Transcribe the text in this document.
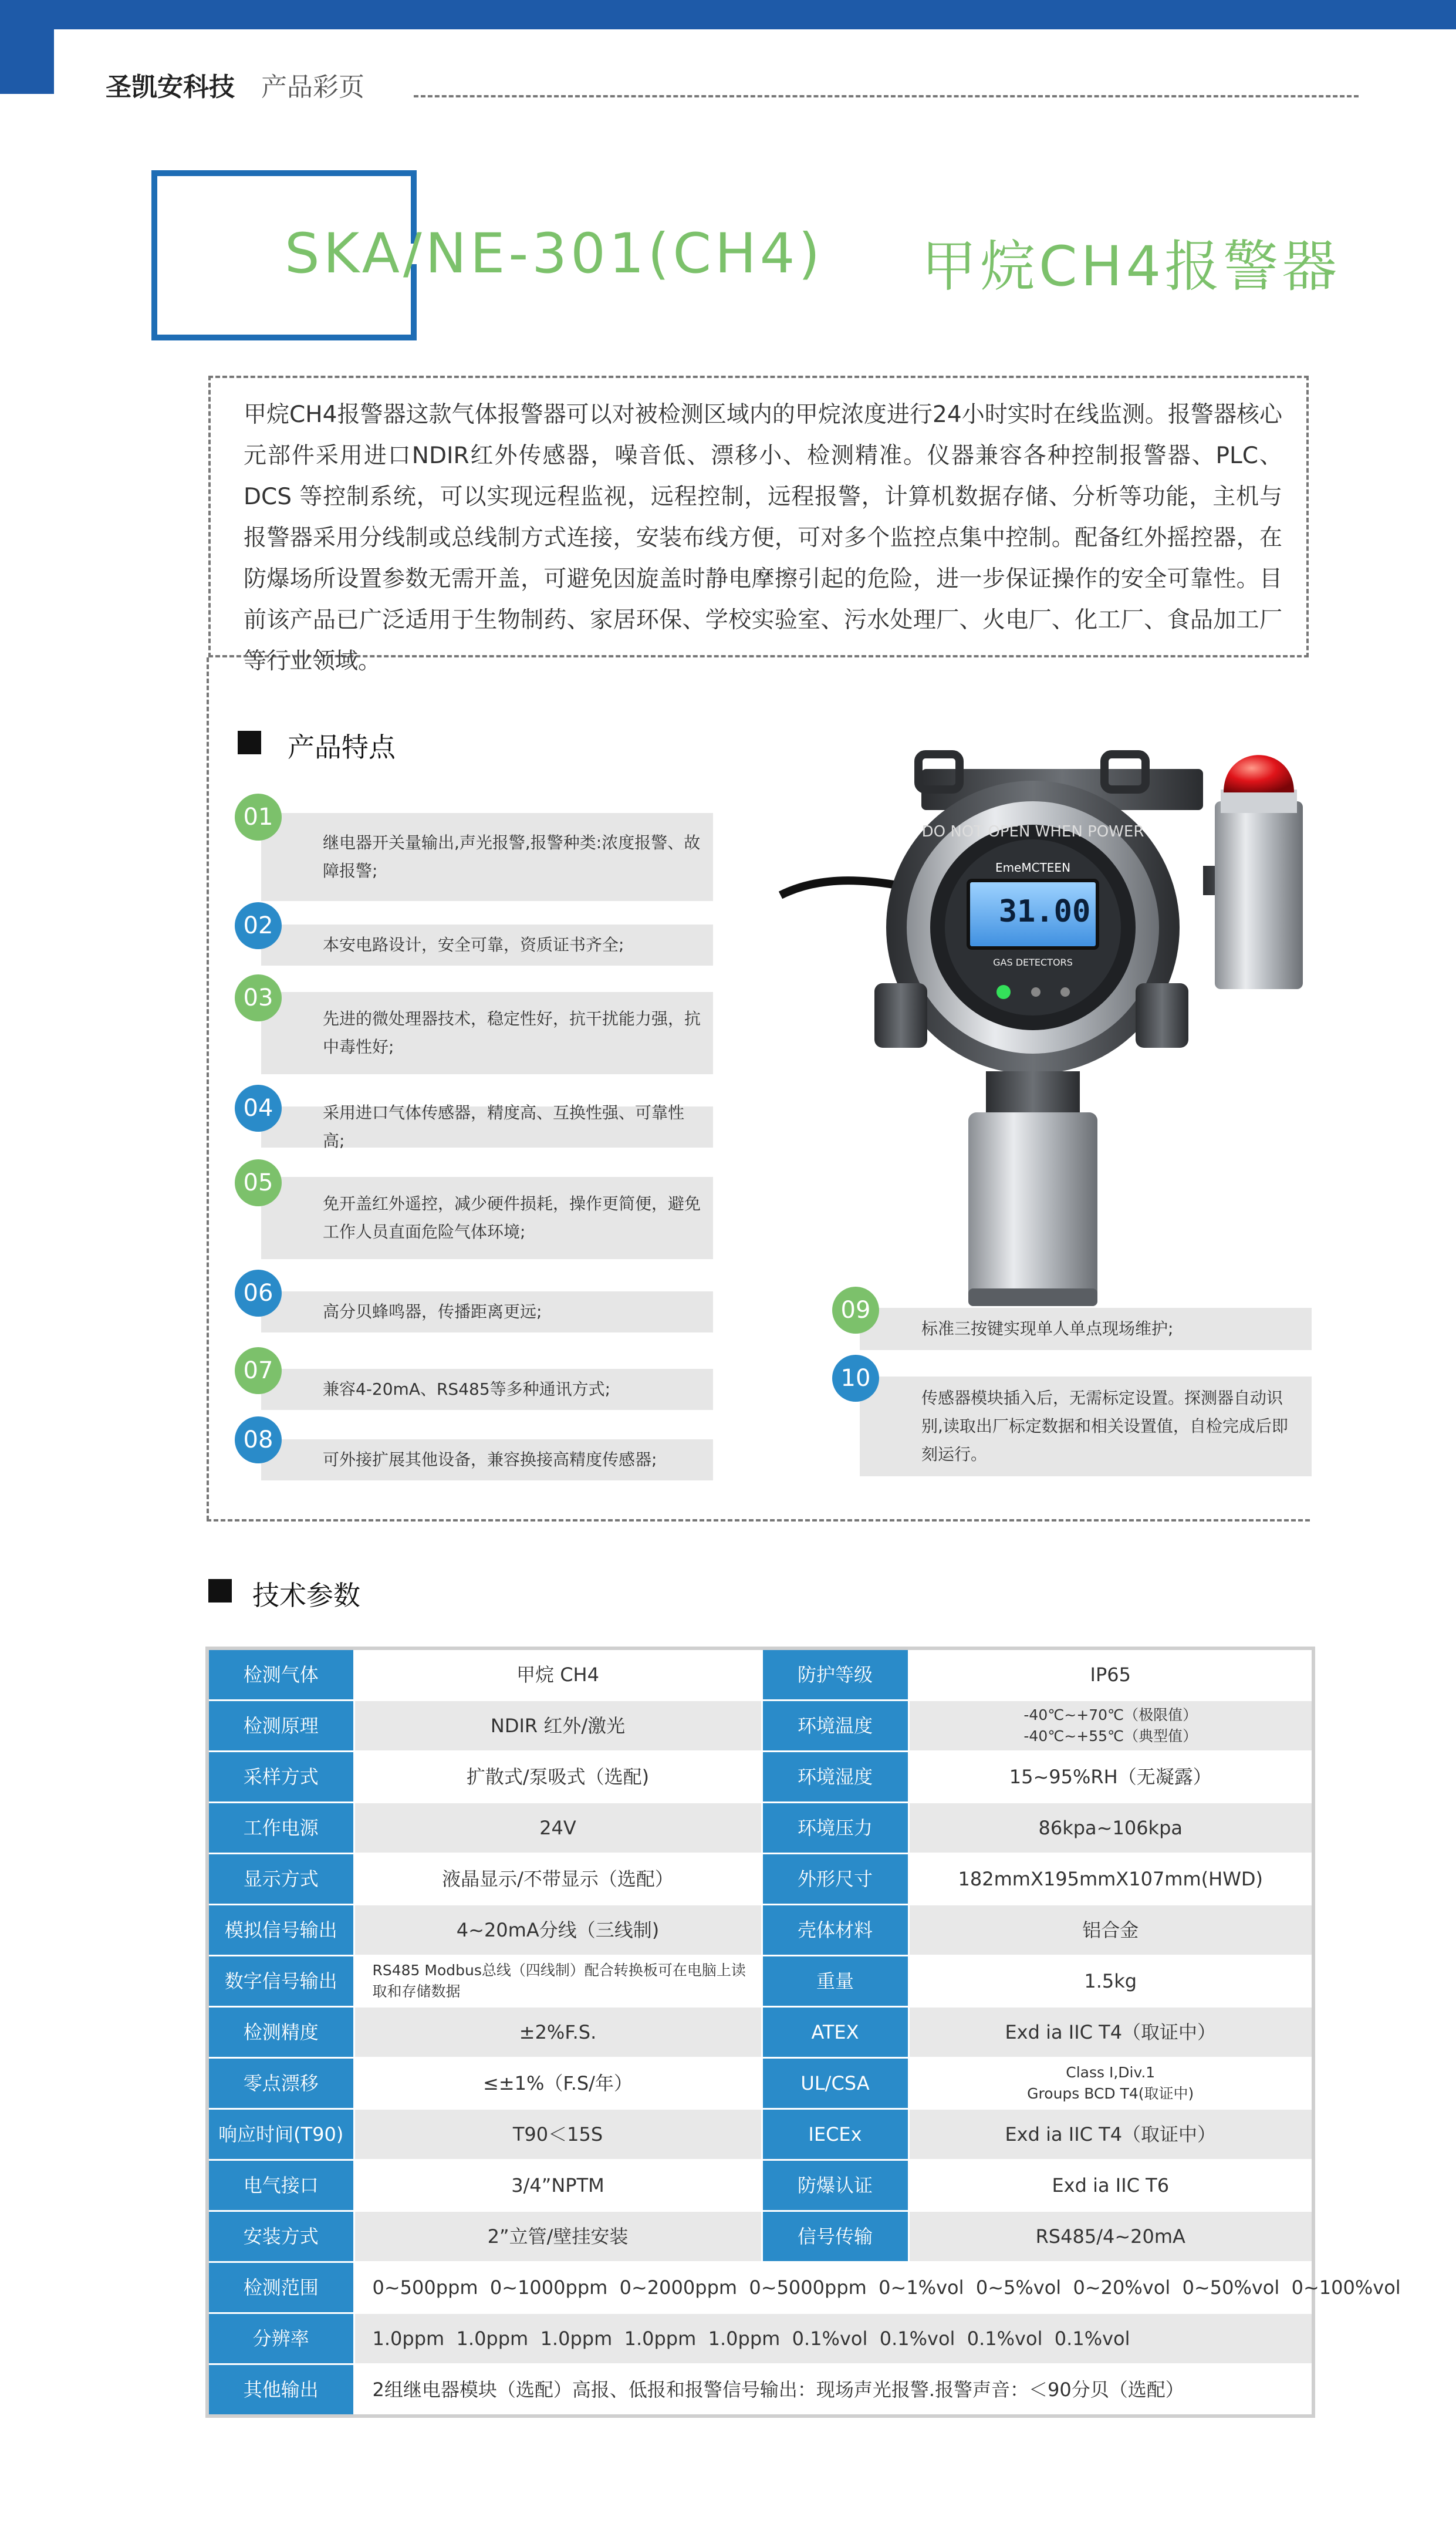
圣凯安科技 产品彩页
SKA/NE-301(CH4) 甲烷CH4报警器
甲烷CH4报警器这款气体报警器可以对被检测区域内的甲烷浓度进行24小时实时在线监测。报警器核心元部件采用进口NDIR红外传感器，噪音低、漂移小、检测精准。仪器兼容各种控制报警器、PLC、DCS 等控制系统，可以实现远程监视，远程控制，远程报警，计算机数据存储、分析等功能，主机与报警器采用分线制或总线制方式连接，安装布线方便，可对多个监控点集中控制。配备红外摇控器，在防爆场所设置参数无需开盖，可避免因旋盖时静电摩擦引起的危险，进一步保证操作的安全可靠性。目前该产品已广泛适用于生物制药、家居环保、学校实验室、污水处理厂、火电厂、化工厂、食品加工厂等行业领域。
产品特点
继电器开关量输出,声光报警,报警种类:浓度报警、故障报警;
01
本安电路设计，安全可靠，资质证书齐全;
02
先进的微处理器技术，稳定性好，抗干扰能力强，抗中毒性好;
03
采用进口气体传感器，精度高、互换性强、可靠性高;
04
免开盖红外遥控，减少硬件损耗，操作更简便，避免工作人员直面危险气体环境;
05
高分贝蜂鸣器，传播距离更远;
06
兼容4-20mA、RS485等多种通讯方式;
07
可外接扩展其他设备，兼容换接高精度传感器;
08
标准三按键实现单人单点现场维护;
09
传感器模块插入后，无需标定设置。探测器自动识别,读取出厂标定数据和相关设置值，自检完成后即刻运行。
10
DO NOT OPEN WHEN POWER
EmeMCTEEN
31.00
GAS DETECTORS
技术参数
检测气体	甲烷 CH4	防护等级	IP65
检测原理	NDIR 红外/激光	环境温度	-40℃~+70℃（极限值）
-40℃~+55℃（典型值）
采样方式	扩散式/泵吸式（选配)	环境湿度	15~95%RH（无凝露）
工作电源	24V	环境压力	86kpa~106kpa
显示方式	液晶显示/不带显示（选配）	外形尺寸	182mmX195mmX107mm(HWD)
模拟信号输出	4~20mA分线（三线制)	壳体材料	铝合金
数字信号输出	RS485 Modbus总线（四线制）配合转换板可在电脑上读取和存储数据	重量	1.5kg
检测精度	±2%F.S.	ATEX	Exd ia IIC T4（取证中）
零点漂移	≤±1%（F.S/年）	UL/CSA	Class I,Div.1
Groups BCD T4(取证中)
响应时间(T90)	T90＜15S	IECEx	Exd ia IIC T4（取证中）
电气接口	3/4”NPTM	防爆认证	Exd ia IIC T6
安装方式	2”立管/壁挂安装	信号传输	RS485/4~20mA
检测范围	0~500ppm  0~1000ppm  0~2000ppm  0~5000ppm  0~1%vol  0~5%vol  0~20%vol  0~50%vol  0~100%vol		
分辨率	1.0ppm  1.0ppm  1.0ppm  1.0ppm  1.0ppm  0.1%vol  0.1%vol  0.1%vol  0.1%vol		
其他输出	2组继电器模块（选配）高报、低报和报警信号输出：现场声光报警.报警声音：＜90分贝（选配）		
